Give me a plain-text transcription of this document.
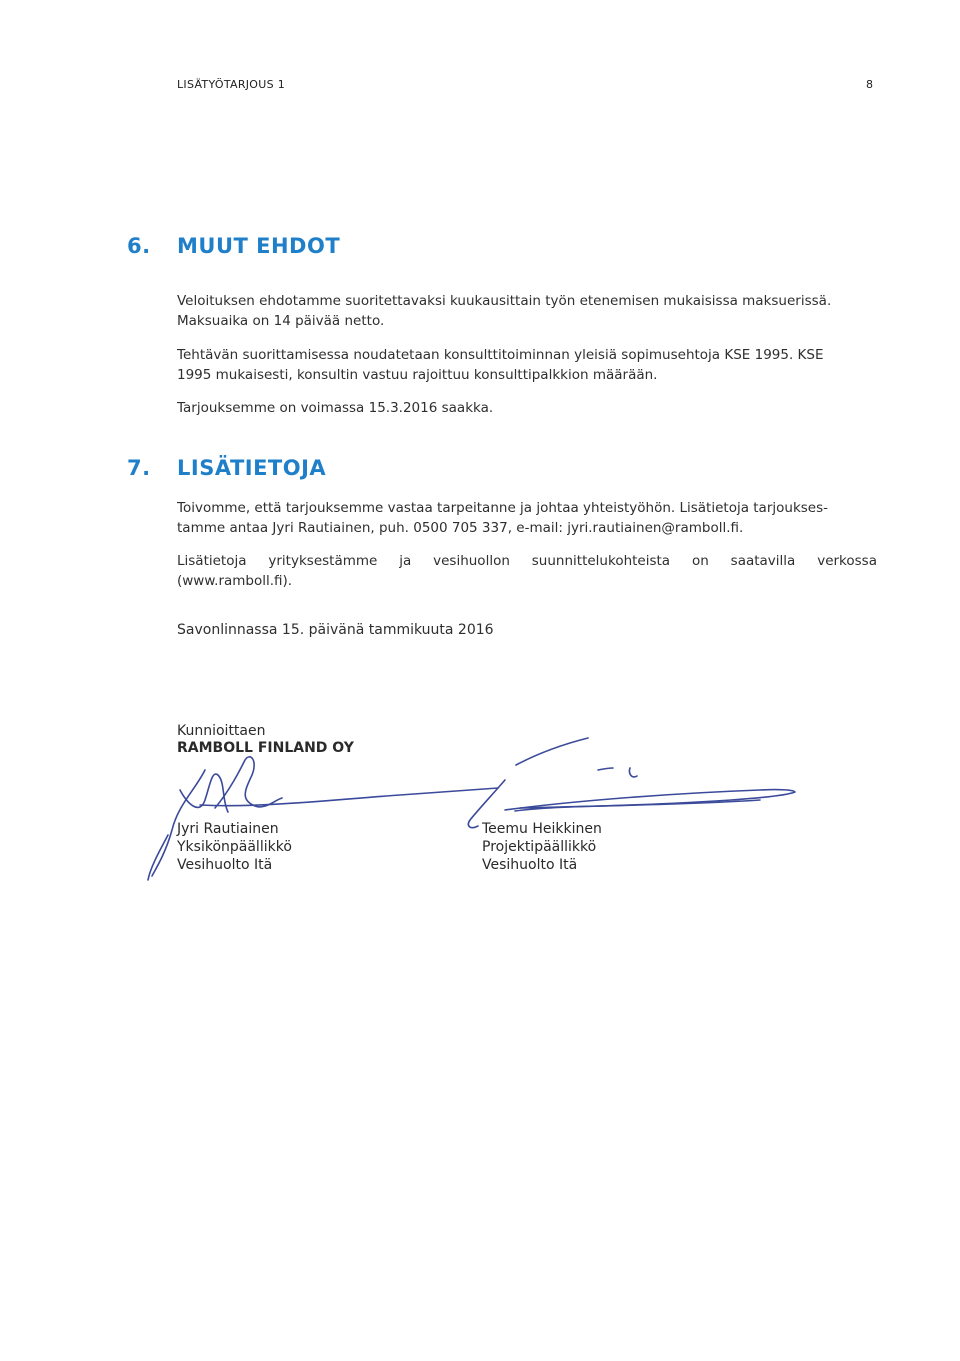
LISÄTYÖTARJOUS 1	8
6. MUUT EHDOT
Veloituksen ehdotamme suoritettavaksi kuukausittain työn etenemisen mukaisissa maksuerissä.
Maksuaika on 14 päivää netto.
Tehtävän suorittamisessa noudatetaan konsulttitoiminnan yleisiä sopimusehtoja KSE 1995. KSE
1995 mukaisesti, konsultin vastuu rajoittuu konsulttipalkkion määrään.
Tarjouksemme on voimassa 15.3.2016 saakka.
7. LISÄTIETOJA
Toivomme, että tarjouksemme vastaa tarpeitanne ja johtaa yhteistyöhön. Lisätietoja tarjoukses-
tamme antaa Jyri Rautiainen, puh. 0500 705 337, e-mail: jyri.rautiainen@ramboll.fi.
Lisätietoja yrityksestämme ja vesihuollon suunnittelukohteista on saatavilla verkossa
(www.ramboll.fi).
Savonlinnassa 15. päivänä tammikuuta 2016
Kunnioittaen
RAMBOLL FINLAND OY
Jyri Rautiainen
Yksikönpäällikkö
Vesihuolto Itä
Teemu Heikkinen
Projektipäällikkö
Vesihuolto Itä
